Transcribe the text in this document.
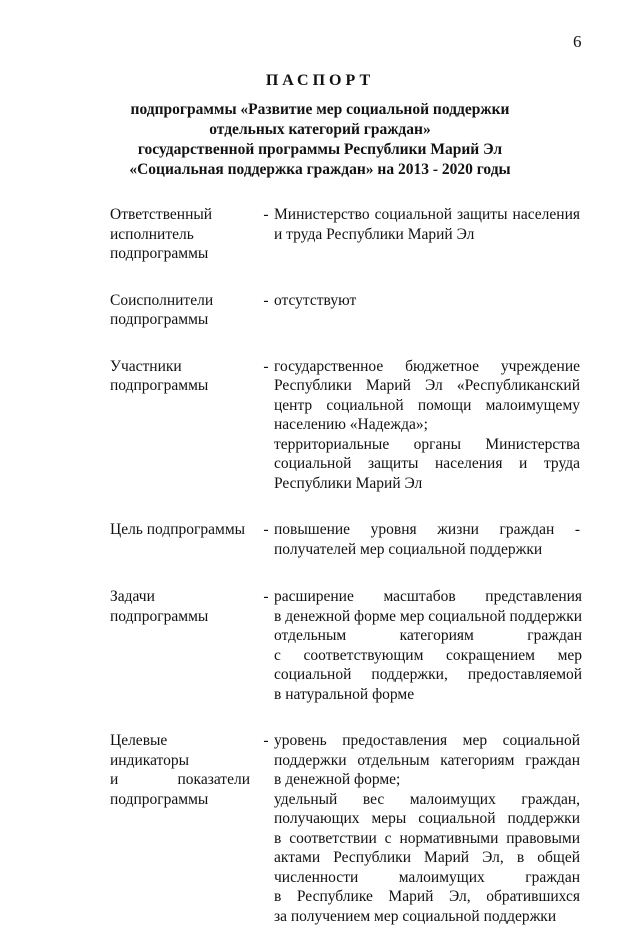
6
ПАСПОРТ
подпрограммы «Развитие мер социальной поддержки
отдельных категорий граждан»
государственной программы Республики Марий Эл
«Социальная поддержка граждан» на 2013 - 2020 годы
Ответственный
исполнитель
подпрограммы
- Министерство социальной защиты населения
и труда Республики Марий Эл
Соисполнители
подпрограммы
- отсутствуют
Участники
подпрограммы
- государственное бюджетное учреждение
Республики Марий Эл «Республиканский
центр социальной помощи малоимущему
населению «Надежда»;
территориальные органы Министерства
социальной защиты населения и труда
Республики Марий Эл
Цель подпрограммы	- повышение уровня жизни граждан -
получателей мер социальной поддержки
Задачи
подпрограммы
- расширение масштабов представления
в денежной форме мер социальной поддержки
отдельным категориям граждан
с соответствующим сокращением мер
социальной поддержки, предоставляемой
в натуральной форме
Целевые
индикаторы
и	показатели
подпрограммы
- уровень предоставления мер социальной
поддержки отдельным категориям граждан
в денежной форме;
удельный вес малоимущих граждан,
получающих меры социальной поддержки
в соответствии с нормативными правовыми
актами Республики Марий Эл, в общей
численности малоимущих граждан
в Республике Марий Эл, обратившихся
за получением мер социальной поддержки
